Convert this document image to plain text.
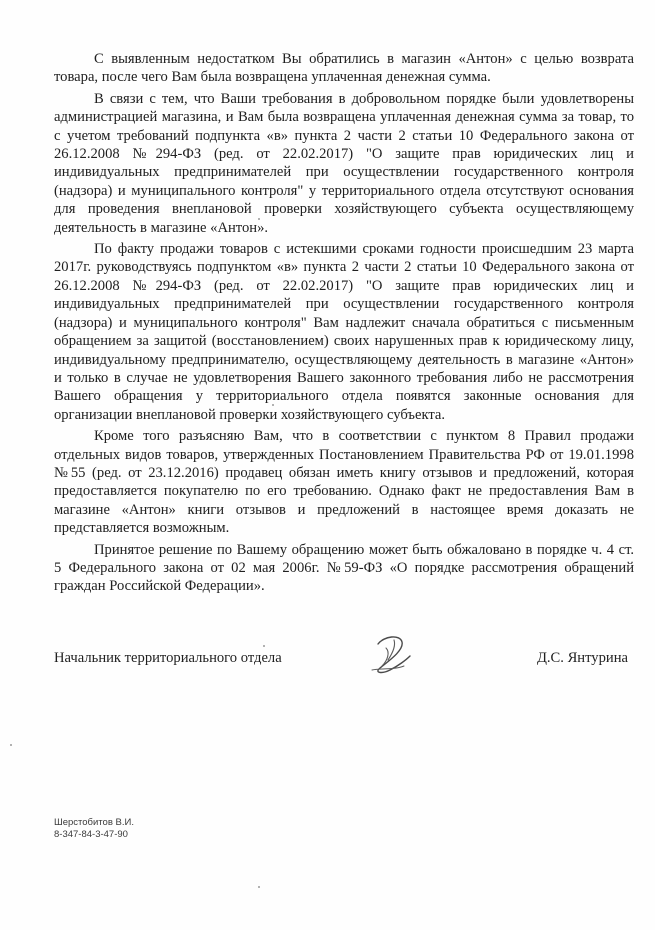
С выявленным недостатком Вы обратились в магазин «Антон» с целью возврата товара, после чего Вам была возвращена уплаченная денежная сумма.

В связи с тем, что Ваши требования в добровольном порядке были удовлетворены администрацией магазина, и Вам была возвращена уплаченная денежная сумма за товар, то с учетом требований подпункта «в» пункта 2 части 2 статьи 10 Федерального закона от 26.12.2008 №294-ФЗ (ред. от 22.02.2017) "О защите прав юридических лиц и индивидуальных предпринимателей при осуществлении государственного контроля (надзора) и муниципального контроля" у территориального отдела отсутствуют основания для проведения внеплановой проверки хозяйствующего субъекта осуществляющему деятельность в магазине «Антон».

По факту продажи товаров с истекшими сроками годности происшедшим 23 марта 2017г. руководствуясь подпунктом «в» пункта 2 части 2 статьи 10 Федерального закона от 26.12.2008 №294-ФЗ (ред. от 22.02.2017) "О защите прав юридических лиц и индивидуальных предпринимателей при осуществлении государственного контроля (надзора) и муниципального контроля" Вам надлежит сначала обратиться с письменным обращением за защитой (восстановлением) своих нарушенных прав к юридическому лицу, индивидуальному предпринимателю, осуществляющему деятельность в магазине «Антон» и только в случае не удовлетворения Вашего законного требования либо не рассмотрения Вашего обращения у территориального отдела появятся законные основания для организации внеплановой проверки хозяйствующего субъекта.

Кроме того разъясняю Вам, что в соответствии с пунктом 8 Правил продажи отдельных видов товаров, утвержденных Постановлением Правительства РФ от 19.01.1998 №55 (ред. от 23.12.2016) продавец обязан иметь книгу отзывов и предложений, которая предоставляется покупателю по его требованию. Однако факт не предоставления Вам в магазине «Антон» книги отзывов и предложений в настоящее время доказать не представляется возможным.

Принятое решение по Вашему обращению может быть обжаловано в порядке ч. 4 ст. 5 Федерального закона от 02 мая 2006г. №59-ФЗ «О порядке рассмотрения обращений граждан Российской Федерации».

Начальник территориального отдела	Д.С. Янтурина
Шерстобитов В.И.
8-347-84-3-47-90
